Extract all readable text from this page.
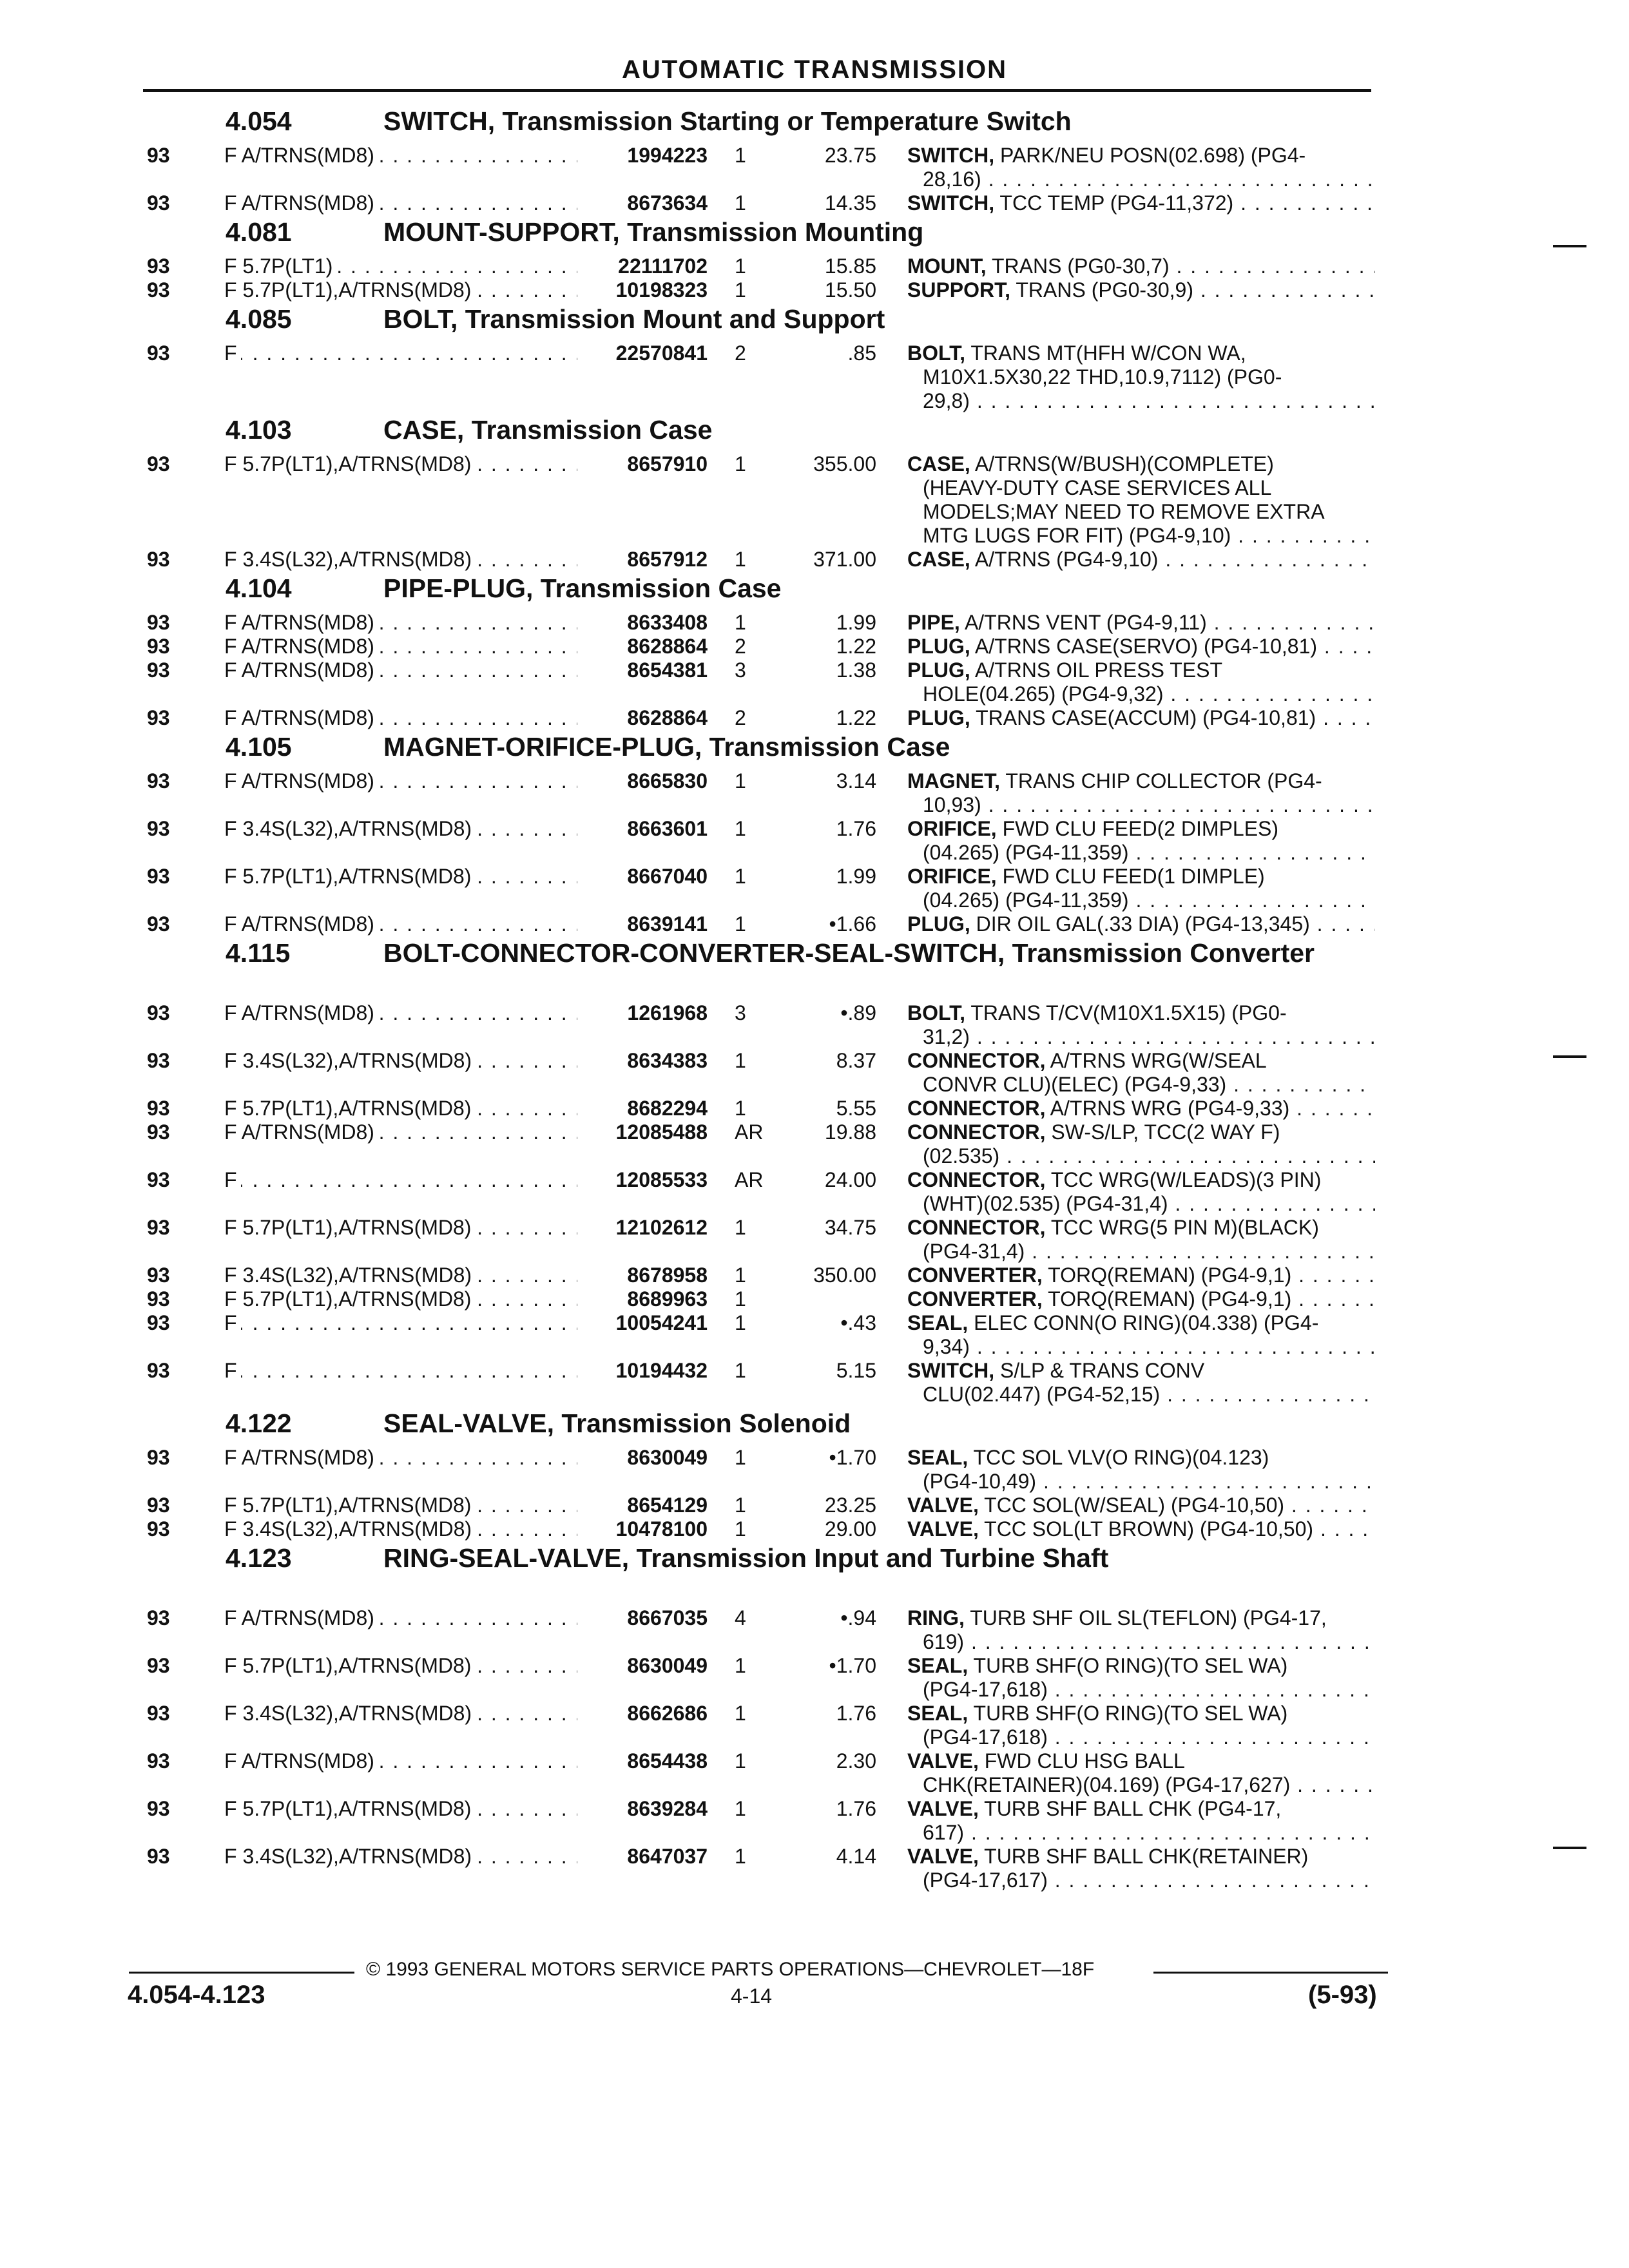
AUTOMATIC TRANSMISSION
4.054	SWITCH, Transmission Starting or Temperature Switch
93	F A/TRNS(MD8) . . .	1994223 1	23.75 SWITCH, PARK/NEU POSN(02.698) (PG4-
28,16) . . .
93	F A/TRNS(MD8) . . .	8673634 1	14.35 SWITCH, TCC TEMP (PG4-11,372) . . .
4.081	MOUNT-SUPPORT, Transmission Mounting
93	F 5.7P(LT1) . . .	22111702 1	15.85 MOUNT, TRANS (PG0-30,7) . . .
93	F 5.7P(LT1),A/TRNS(MD8) . . .	10198323 1	15.50 SUPPORT, TRANS (PG0-30,9) . . .
4.085	BOLT, Transmission Mount and Support
93	F . . .	22570841 2	.85 BOLT, TRANS MT(HFH W/CON WA,
M10X1.5X30,22 THD,10.9,7112) (PG0-
29,8) . . .
4.103	CASE, Transmission Case
93	F 5.7P(LT1),A/TRNS(MD8) . . .	8657910 1	355.00 CASE, A/TRNS(W/BUSH)(COMPLETE)
(HEAVY-DUTY CASE SERVICES ALL
MODELS;MAY NEED TO REMOVE EXTRA
MTG LUGS FOR FIT) (PG4-9,10) . . .
93	F 3.4S(L32),A/TRNS(MD8) . . .	8657912 1	371.00 CASE, A/TRNS (PG4-9,10) . . .
4.104	PIPE-PLUG, Transmission Case
93	F A/TRNS(MD8) . . .	8633408 1	1.99 PIPE, A/TRNS VENT (PG4-9,11) . . .
93	F A/TRNS(MD8) . . .	8628864 2	1.22 PLUG, A/TRNS CASE(SERVO) (PG4-10,81) . . .
93	F A/TRNS(MD8) . . .	8654381 3	1.38 PLUG, A/TRNS OIL PRESS TEST
HOLE(04.265) (PG4-9,32) . . .
93	F A/TRNS(MD8) . . .	8628864 2	1.22 PLUG, TRANS CASE(ACCUM) (PG4-10,81) . . .
4.105	MAGNET-ORIFICE-PLUG, Transmission Case
93	F A/TRNS(MD8) . . .	8665830 1	3.14 MAGNET, TRANS CHIP COLLECTOR (PG4-
10,93) . . .
93	F 3.4S(L32),A/TRNS(MD8) . . .	8663601 1	1.76 ORIFICE, FWD CLU FEED(2 DIMPLES)
(04.265) (PG4-11,359) . . .
93	F 5.7P(LT1),A/TRNS(MD8) . . .	8667040 1	1.99 ORIFICE, FWD CLU FEED(1 DIMPLE)
(04.265) (PG4-11,359) . . .
93	F A/TRNS(MD8) . . .	8639141 1	•1.66 PLUG, DIR OIL GAL(.33 DIA) (PG4-13,345) . . .
4.115	BOLT-CONNECTOR-CONVERTER-SEAL-SWITCH, Transmission Converter
93	F A/TRNS(MD8) . . .	1261968 3	•.89 BOLT, TRANS T/CV(M10X1.5X15) (PG0-
31,2) . . .
93	F 3.4S(L32),A/TRNS(MD8) . . .	8634383 1	8.37 CONNECTOR, A/TRNS WRG(W/SEAL
CONVR CLU)(ELEC) (PG4-9,33) . . .
93	F 5.7P(LT1),A/TRNS(MD8) . . .	8682294 1	5.55 CONNECTOR, A/TRNS WRG (PG4-9,33) . . .
93	F A/TRNS(MD8) . . .	12085488 AR	19.88 CONNECTOR, SW-S/LP, TCC(2 WAY F)
(02.535) . . .
93	F . . .	12085533 AR	24.00 CONNECTOR, TCC WRG(W/LEADS)(3 PIN)
(WHT)(02.535) (PG4-31,4) . . .
93	F 5.7P(LT1),A/TRNS(MD8) . . .	12102612 1	34.75 CONNECTOR, TCC WRG(5 PIN M)(BLACK)
(PG4-31,4) . . .
93	F 3.4S(L32),A/TRNS(MD8) . . .	8678958 1	350.00 CONVERTER, TORQ(REMAN) (PG4-9,1) . . .
93	F 5.7P(LT1),A/TRNS(MD8) . . .	8689963 1	CONVERTER, TORQ(REMAN) (PG4-9,1) . . .
93	F . . .	10054241 1	•.43 SEAL, ELEC CONN(O RING)(04.338) (PG4-
9,34) . . .
93	F . . .	10194432 1	5.15 SWITCH, S/LP & TRANS CONV
CLU(02.447) (PG4-52,15) . . .
4.122	SEAL-VALVE, Transmission Solenoid
93	F A/TRNS(MD8) . . .	8630049 1	•1.70 SEAL, TCC SOL VLV(O RING)(04.123)
(PG4-10,49) . . .
93	F 5.7P(LT1),A/TRNS(MD8) . . .	8654129 1	23.25 VALVE, TCC SOL(W/SEAL) (PG4-10,50) . . .
93	F 3.4S(L32),A/TRNS(MD8) . . .	10478100 1	29.00 VALVE, TCC SOL(LT BROWN) (PG4-10,50) . . .
4.123	RING-SEAL-VALVE, Transmission Input and Turbine Shaft
93	F A/TRNS(MD8) . . .	8667035 4	•.94 RING, TURB SHF OIL SL(TEFLON) (PG4-17,
619) . . .
93	F 5.7P(LT1),A/TRNS(MD8) . . .	8630049 1	•1.70 SEAL, TURB SHF(O RING)(TO SEL WA)
(PG4-17,618) . . .
93	F 3.4S(L32),A/TRNS(MD8) . . .	8662686 1	1.76 SEAL, TURB SHF(O RING)(TO SEL WA)
(PG4-17,618) . . .
93	F A/TRNS(MD8) . . .	8654438 1	2.30 VALVE, FWD CLU HSG BALL
CHK(RETAINER)(04.169) (PG4-17,627) . . .
93	F 5.7P(LT1),A/TRNS(MD8) . . .	8639284 1	1.76 VALVE, TURB SHF BALL CHK (PG4-17,
617) . . .
93	F 3.4S(L32),A/TRNS(MD8) . . .	8647037 1	4.14 VALVE, TURB SHF BALL CHK(RETAINER)
(PG4-17,617) . . .
© 1993 GENERAL MOTORS SERVICE PARTS OPERATIONS—CHEVROLET—18F
4.054-4.123	4-14	(5-93)
